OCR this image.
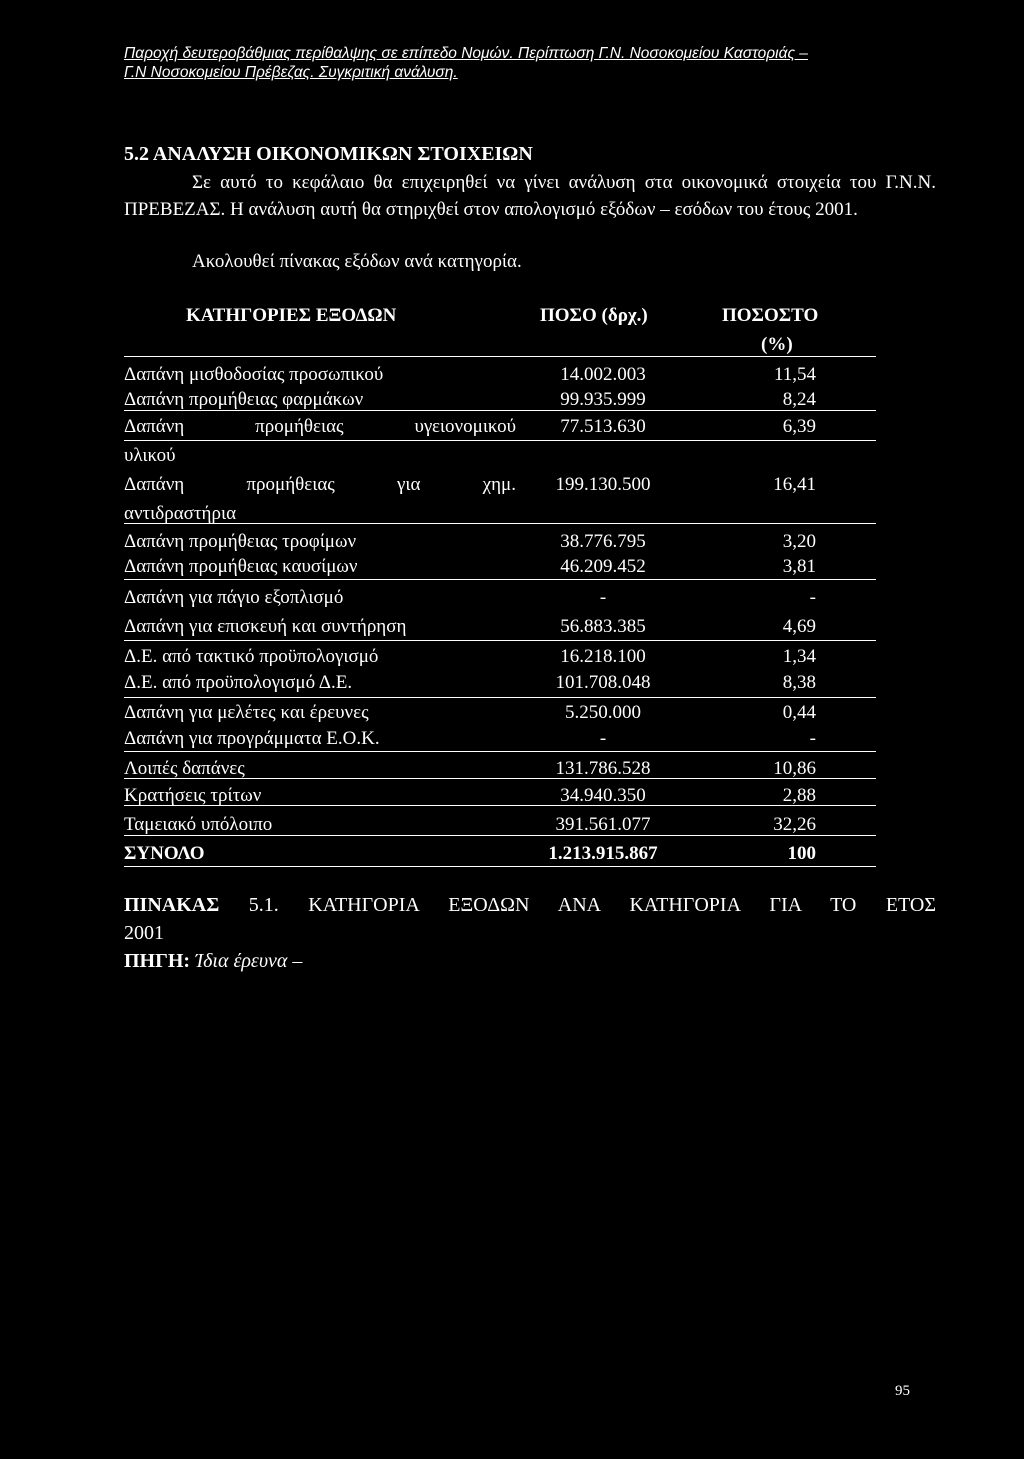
Παροχή δευτεροβάθμιας περίθαλψης σε επίπεδο Νομών. Περίπτωση Γ.Ν. Νοσοκομείου Καστοριάς –
Γ.Ν Νοσοκομείου Πρέβεζας. Συγκριτική ανάλυση.
5.2 ΑΝΑΛΥΣΗ ΟΙΚΟΝΟΜΙΚΩΝ ΣΤΟΙΧΕΙΩΝ
Σε αυτό το κεφάλαιο θα επιχειρηθεί να γίνει ανάλυση στα οικονομικά στοιχεία του Γ.Ν.Ν. ΠΡΕΒΕΖΑΣ. Η ανάλυση αυτή θα στηριχθεί στον απολογισμό εξόδων – εσόδων του έτους 2001.
Ακολουθεί πίνακας εξόδων ανά κατηγορία.
ΚΑΤΗΓΟΡΙΕΣ ΕΞΟΔΩΝ	ΠΟΣΟ (δρχ.)	ΠΟΣΟΣΤΟ
(%)
Δαπάνη μισθοδοσίας προσωπικού	14.002.003	11,54
Δαπάνη προμήθειας φαρμάκων	99.935.999	8,24
Δαπάνη προμήθειας υγειονομικού
υλικού
77.513.630	6,39
Δαπάνη προμήθειας για χημ.
αντιδραστήρια
199.130.500	16,41
Δαπάνη προμήθειας τροφίμων	38.776.795	3,20
Δαπάνη προμήθειας καυσίμων	46.209.452	3,81
Δαπάνη για πάγιο εξοπλισμό	-	-
Δαπάνη για επισκευή και συντήρηση	56.883.385	4,69
Δ.Ε. από τακτικό προϋπολογισμό	16.218.100	1,34
Δ.Ε. από προϋπολογισμό Δ.Ε.	101.708.048	8,38
Δαπάνη για μελέτες και έρευνες	5.250.000	0,44
Δαπάνη για προγράμματα Ε.Ο.Κ.	-	-
Λοιπές δαπάνες	131.786.528	10,86
Κρατήσεις τρίτων	34.940.350	2,88
Ταμειακό υπόλοιπο	391.561.077	32,26
ΣΥΝΟΛΟ	1.213.915.867	100
ΠΙΝΑΚΑΣ 5.1. ΚΑΤΗΓΟΡΙΑ ΕΞΟΔΩΝ ΑΝΑ ΚΑΤΗΓΟΡΙΑ ΓΙΑ ΤΟ ΕΤΟΣ
2001
ΠΗΓΗ: Ίδια έρευνα –
95
